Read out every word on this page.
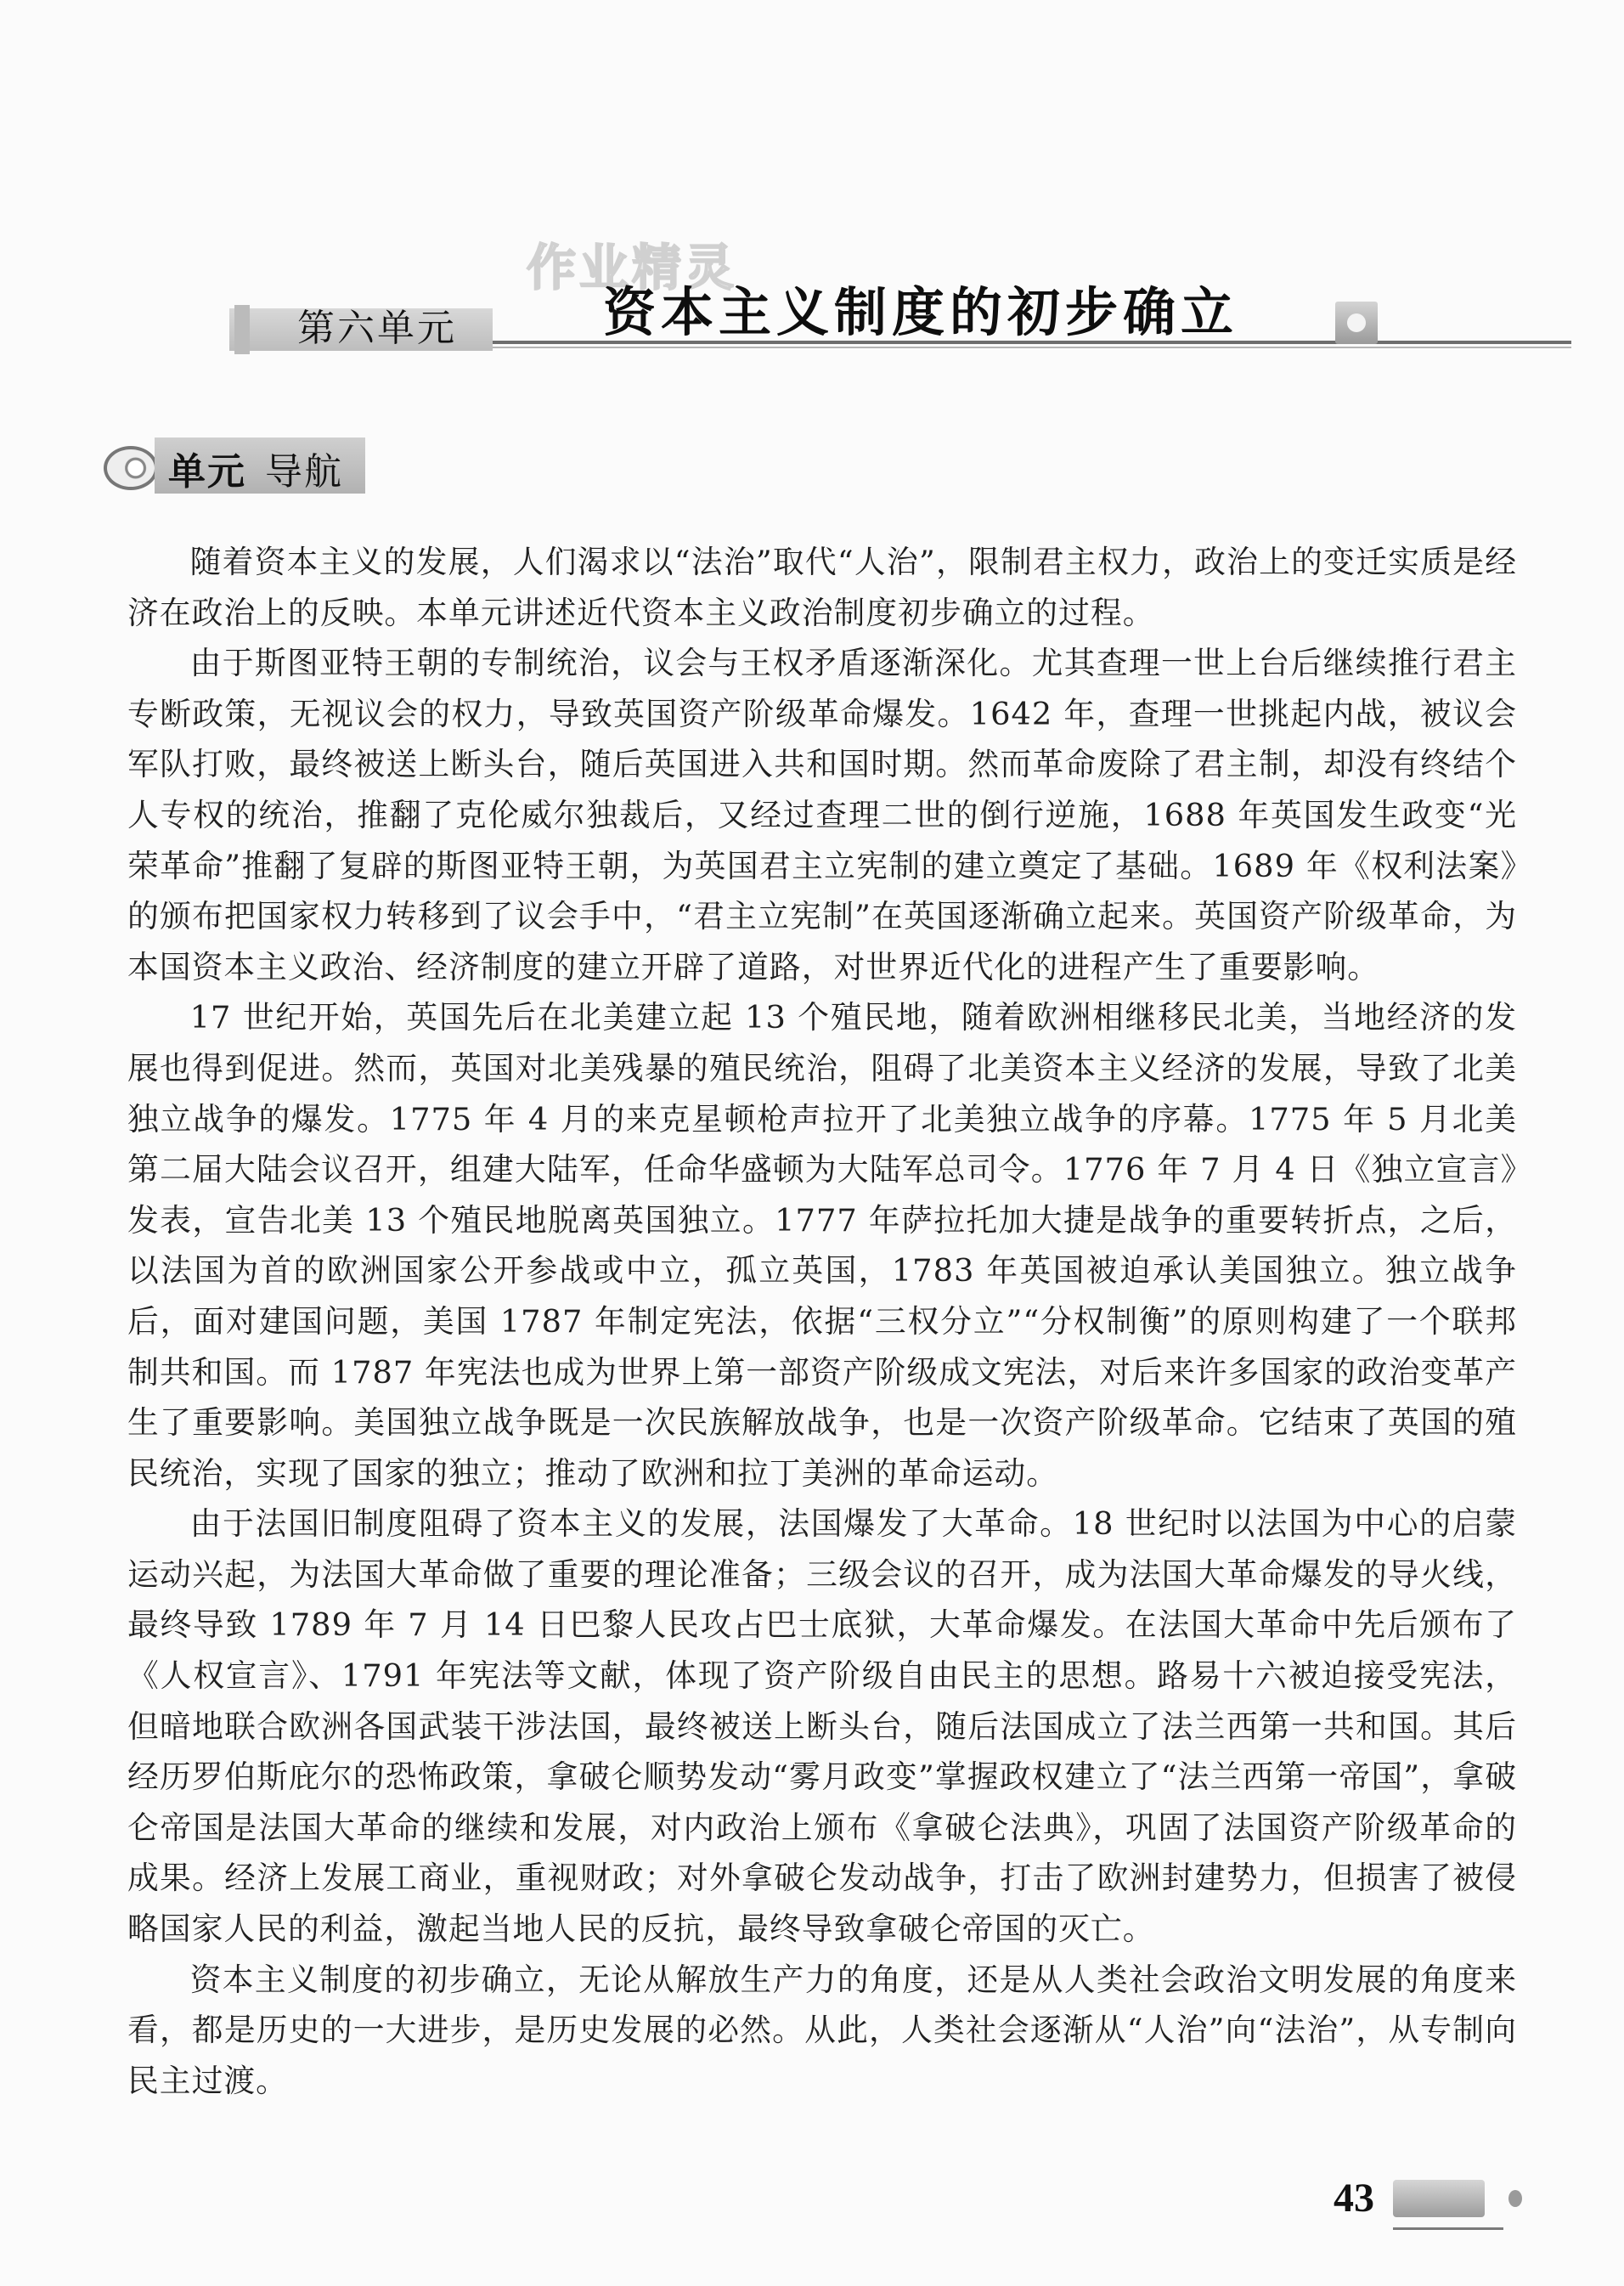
作业精灵
第六单元	资本主义制度的初步确立
单元 导航

随着资本主义的发展，人们渴求以“法治”取代“人治”，限制君主权力，政治上的变迁实质是经济在政治上的反映。本单元讲述近代资本主义政治制度初步确立的过程。

由于斯图亚特王朝的专制统治，议会与王权矛盾逐渐深化。尤其查理一世上台后继续推行君主专断政策，无视议会的权力，导致英国资产阶级革命爆发。1642 年，查理一世挑起内战，被议会军队打败，最终被送上断头台，随后英国进入共和国时期。然而革命废除了君主制，却没有终结个人专权的统治，推翻了克伦威尔独裁后，又经过查理二世的倒行逆施，1688 年英国发生政变“光荣革命”推翻了复辟的斯图亚特王朝，为英国君主立宪制的建立奠定了基础。1689 年《权利法案》的颁布把国家权力转移到了议会手中，“君主立宪制”在英国逐渐确立起来。英国资产阶级革命，为本国资本主义政治、经济制度的建立开辟了道路，对世界近代化的进程产生了重要影响。

17 世纪开始，英国先后在北美建立起 13 个殖民地，随着欧洲相继移民北美，当地经济的发展也得到促进。然而，英国对北美残暴的殖民统治，阻碍了北美资本主义经济的发展，导致了北美独立战争的爆发。1775 年 4 月的来克星顿枪声拉开了北美独立战争的序幕。1775 年 5 月北美第二届大陆会议召开，组建大陆军，任命华盛顿为大陆军总司令。1776 年 7 月 4 日《独立宣言》发表，宣告北美 13 个殖民地脱离英国独立。1777 年萨拉托加大捷是战争的重要转折点，之后，以法国为首的欧洲国家公开参战或中立，孤立英国，1783 年英国被迫承认美国独立。独立战争后，面对建国问题，美国 1787 年制定宪法，依据“三权分立”“分权制衡”的原则构建了一个联邦制共和国。而 1787 年宪法也成为世界上第一部资产阶级成文宪法，对后来许多国家的政治变革产生了重要影响。美国独立战争既是一次民族解放战争，也是一次资产阶级革命。它结束了英国的殖民统治，实现了国家的独立；推动了欧洲和拉丁美洲的革命运动。

由于法国旧制度阻碍了资本主义的发展，法国爆发了大革命。18 世纪时以法国为中心的启蒙运动兴起，为法国大革命做了重要的理论准备；三级会议的召开，成为法国大革命爆发的导火线，最终导致 1789 年 7 月 14 日巴黎人民攻占巴士底狱，大革命爆发。在法国大革命中先后颁布了《人权宣言》、1791 年宪法等文献，体现了资产阶级自由民主的思想。路易十六被迫接受宪法，但暗地联合欧洲各国武装干涉法国，最终被送上断头台，随后法国成立了法兰西第一共和国。其后经历罗伯斯庇尔的恐怖政策，拿破仑顺势发动“雾月政变”掌握政权建立了“法兰西第一帝国”，拿破仑帝国是法国大革命的继续和发展，对内政治上颁布《拿破仑法典》，巩固了法国资产阶级革命的成果。经济上发展工商业，重视财政；对外拿破仑发动战争，打击了欧洲封建势力，但损害了被侵略国家人民的利益，激起当地人民的反抗，最终导致拿破仑帝国的灭亡。

资本主义制度的初步确立，无论从解放生产力的角度，还是从人类社会政治文明发展的角度来看，都是历史的一大进步，是历史发展的必然。从此，人类社会逐渐从“人治”向“法治”，从专制向民主过渡。

43
